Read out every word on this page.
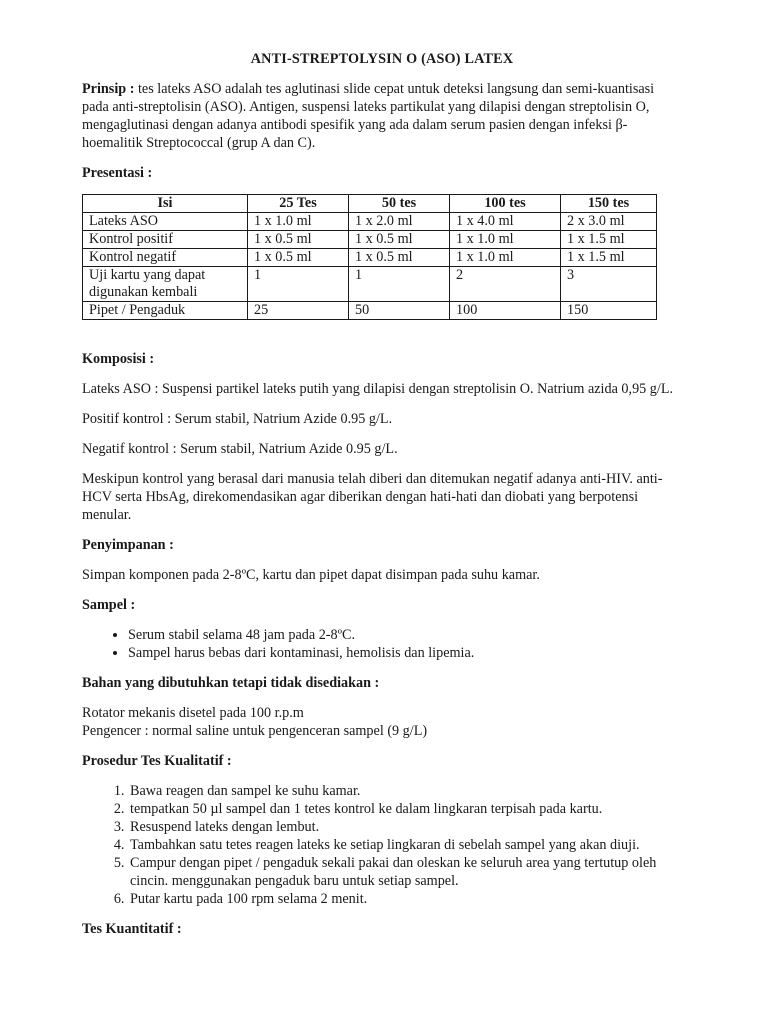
ANTI-STREPTOLYSIN O (ASO) LATEX

Prinsip : tes lateks ASO adalah tes aglutinasi slide cepat untuk deteksi langsung dan semi-kuantisasi pada anti-streptolisin (ASO). Antigen, suspensi lateks partikulat yang dilapisi dengan streptolisin O, mengaglutinasi dengan adanya antibodi spesifik yang ada dalam serum pasien dengan infeksi β-hoemalitik Streptococcal (grup A dan C).

Presentasi :

Isi	25 Tes	50 tes	100 tes	150 tes
Lateks ASO	1 x 1.0 ml	1 x 2.0 ml	1 x 4.0 ml	2 x 3.0 ml
Kontrol positif	1 x 0.5 ml	1 x 0.5 ml	1 x 1.0 ml	1 x 1.5 ml
Kontrol negatif	1 x 0.5 ml	1 x 0.5 ml	1 x 1.0 ml	1 x 1.5 ml
Uji kartu yang dapat digunakan kembali	1	1	2	3
Pipet / Pengaduk	25	50	100	150

Komposisi :

Lateks ASO : Suspensi partikel lateks putih yang dilapisi dengan streptolisin O. Natrium azida 0,95 g/L.

Positif kontrol : Serum stabil, Natrium Azide 0.95 g/L.

Negatif kontrol : Serum stabil, Natrium Azide 0.95 g/L.

Meskipun kontrol yang berasal dari manusia telah diberi dan ditemukan negatif adanya anti-HIV. anti-HCV serta HbsAg, direkomendasikan agar diberikan dengan hati-hati dan diobati yang berpotensi menular.

Penyimpanan :

Simpan komponen pada 2-8ºC, kartu dan pipet dapat disimpan pada suhu kamar.

Sampel :

• Serum stabil selama 48 jam pada 2-8ºC.
• Sampel harus bebas dari kontaminasi, hemolisis dan lipemia.

Bahan yang dibutuhkan tetapi tidak disediakan :

Rotator mekanis disetel pada 100 r.p.m

Pengencer : normal saline untuk pengenceran sampel (9 g/L)

Prosedur Tes Kualitatif :

1. Bawa reagen dan sampel ke suhu kamar.
2. tempatkan 50 µl sampel dan 1 tetes kontrol ke dalam lingkaran terpisah pada kartu.
3. Resuspend lateks dengan lembut.
4. Tambahkan satu tetes reagen lateks ke setiap lingkaran di sebelah sampel yang akan diuji.
5. Campur dengan pipet / pengaduk sekali pakai dan oleskan ke seluruh area yang tertutup oleh cincin. menggunakan pengaduk baru untuk setiap sampel.
6. Putar kartu pada 100 rpm selama 2 menit.

Tes Kuantitatif :
